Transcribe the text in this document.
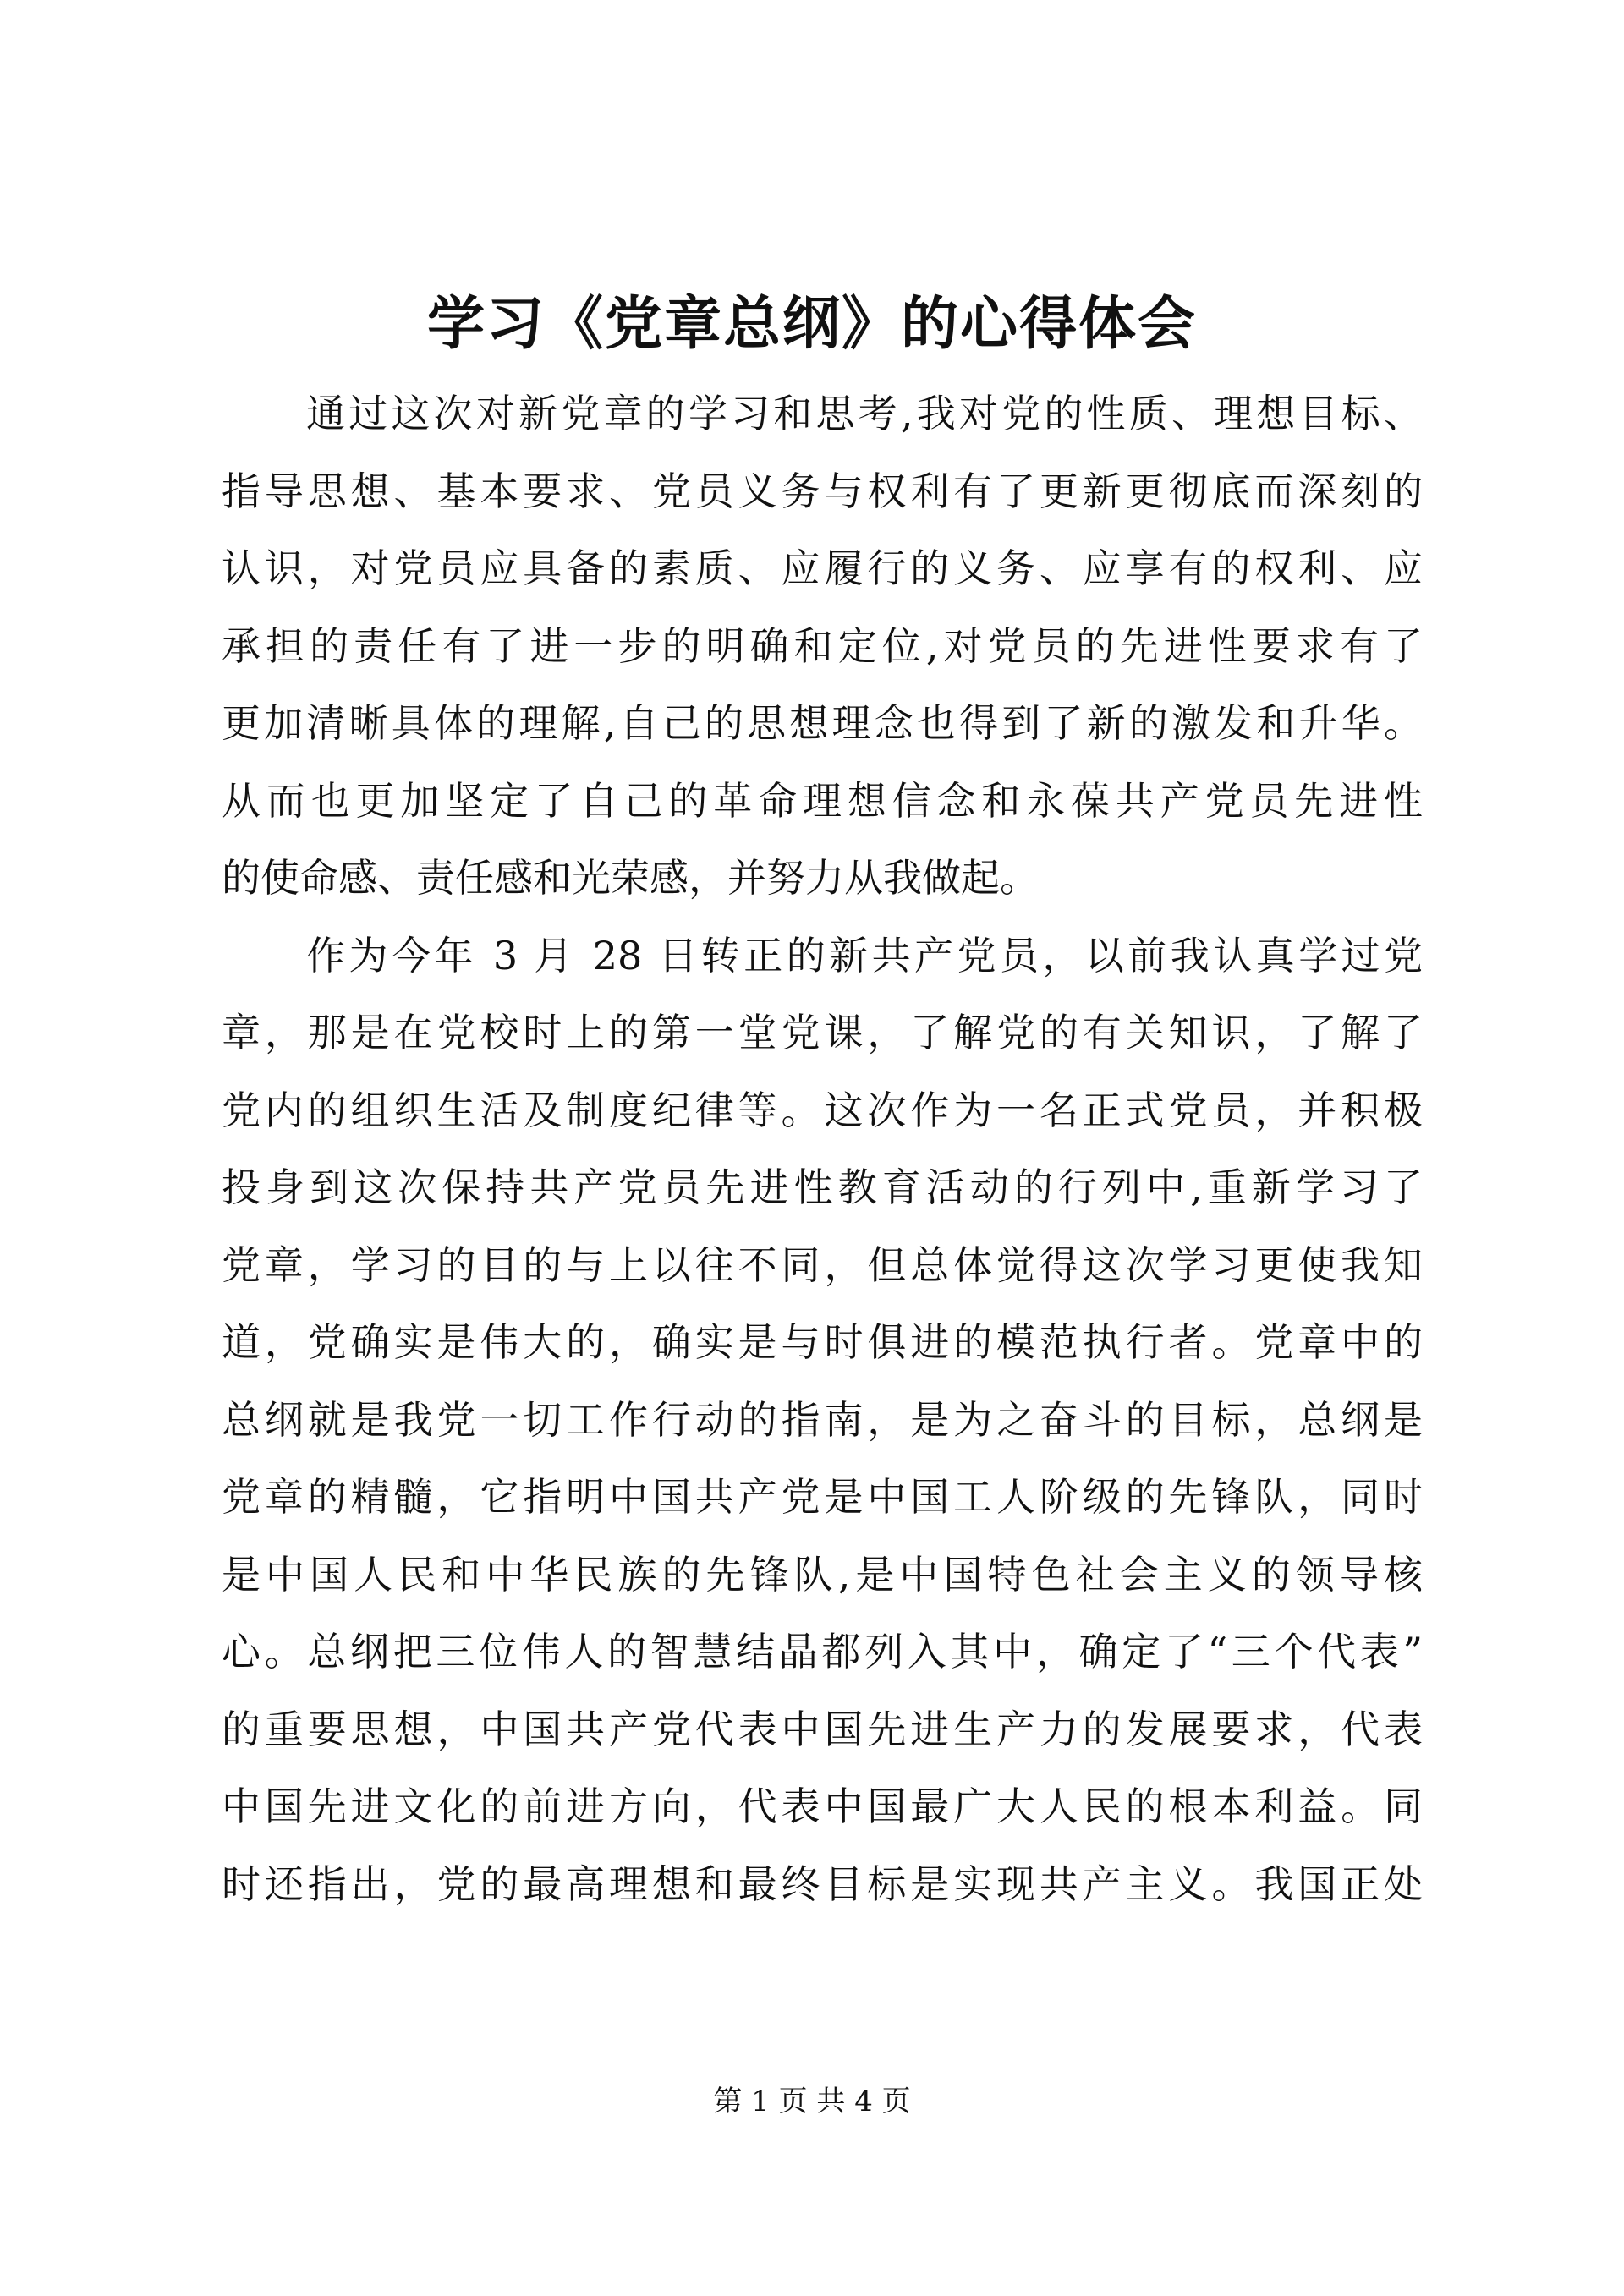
学习《党章总纲》的心得体会
通过这次对新党章的学习和思考,我对党的性质、理想目标、
指导思想、基本要求、党员义务与权利有了更新更彻底而深刻的
认识，对党员应具备的素质、应履行的义务、应享有的权利、应
承担的责任有了进一步的明确和定位,对党员的先进性要求有了
更加清晰具体的理解,自己的思想理念也得到了新的激发和升华。
从而也更加坚定了自己的革命理想信念和永葆共产党员先进性
的使命感、责任感和光荣感，并努力从我做起。
作为今年 3 月 28 日转正的新共产党员，以前我认真学过党
章，那是在党校时上的第一堂党课，了解党的有关知识，了解了
党内的组织生活及制度纪律等。这次作为一名正式党员，并积极
投身到这次保持共产党员先进性教育活动的行列中,重新学习了
党章，学习的目的与上以往不同，但总体觉得这次学习更使我知
道，党确实是伟大的，确实是与时俱进的模范执行者。党章中的
总纲就是我党一切工作行动的指南，是为之奋斗的目标，总纲是
党章的精髓，它指明中国共产党是中国工人阶级的先锋队，同时
是中国人民和中华民族的先锋队,是中国特色社会主义的领导核
心。总纲把三位伟人的智慧结晶都列入其中，确定了“三个代表”
的重要思想，中国共产党代表中国先进生产力的发展要求，代表
中国先进文化的前进方向，代表中国最广大人民的根本利益。同
时还指出，党的最高理想和最终目标是实现共产主义。我国正处
第 1 页 共 4 页
